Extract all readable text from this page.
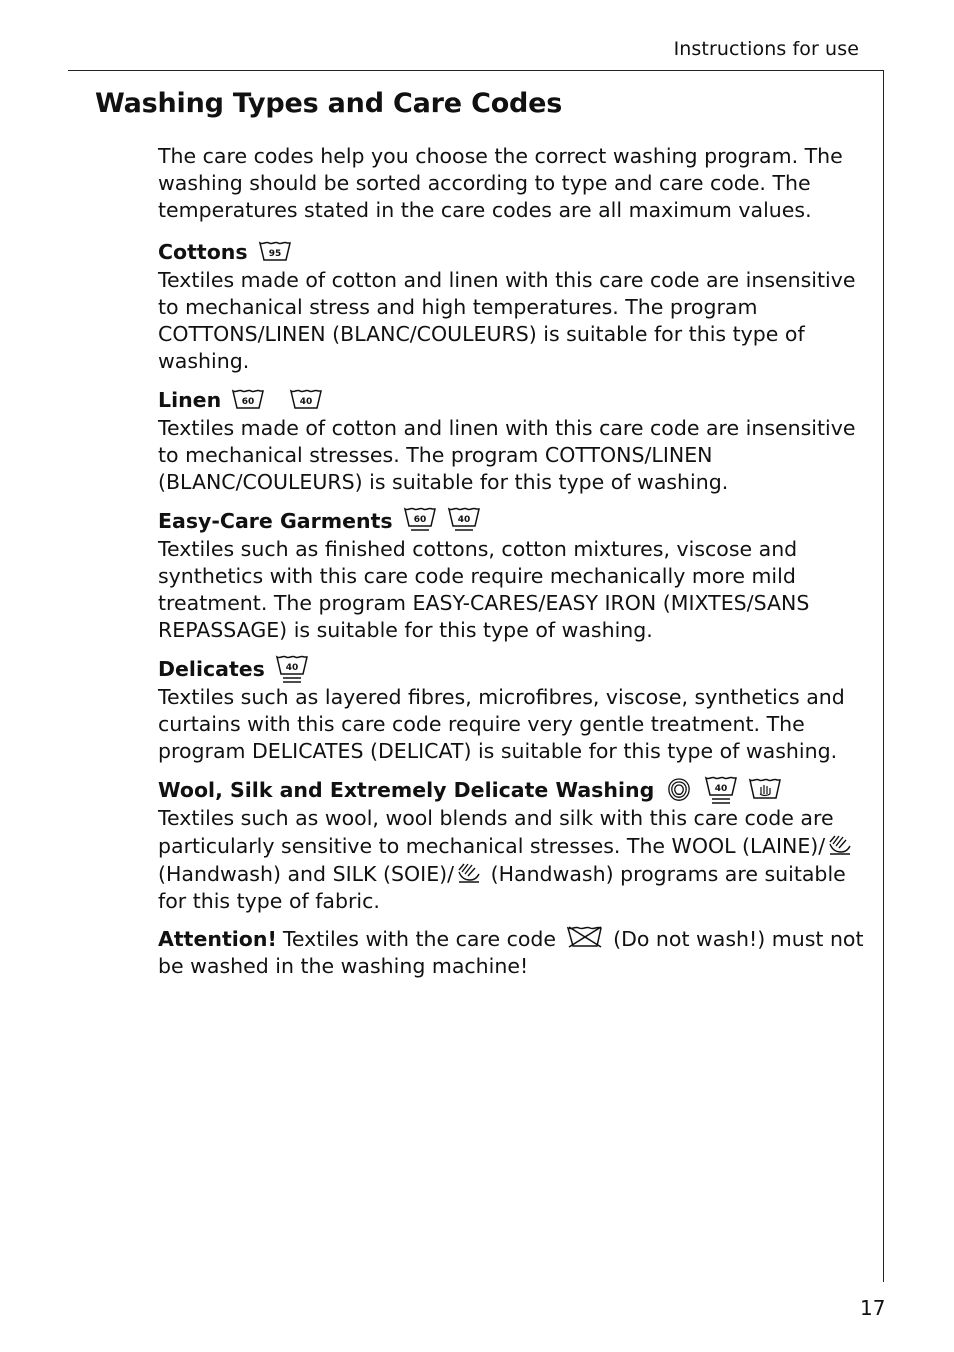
Instructions for use
Washing Types and Care Codes

The care codes help you choose the correct washing program. The washing should be sorted according to type and care code. The temperatures stated in the care codes are all maximum values.

Cottons 95

Textiles made of cotton and linen with this care code are insensitive to mechanical stress and high temperatures. The program COTTONS/LINEN (BLANC/COULEURS) is suitable for this type of washing.

Linen 60	40

Textiles made of cotton and linen with this care code are insensitive to mechanical stresses. The program COTTONS/LINEN (BLANC/COULEURS) is suitable for this type of washing.

Easy-Care Garments 60	40

Textiles such as finished cottons, cotton mixtures, viscose and synthetics with this care code require mechanically more mild treatment. The program EASY-CARES/EASY IRON (MIXTES/SANS REPASSAGE) is suitable for this type of washing.

Delicates 40

Textiles such as layered fibres, microfibres, viscose, synthetics and curtains with this care code require very gentle treatment. The program DELICATES (DELICAT) is suitable for this type of washing.

Wool, Silk and Extremely Delicate Washing	40

Textiles such as wool, wool blends and silk with this care code are particularly sensitive to mechanical stresses. The WOOL (LAINE)/
(Handwash) and SILK (SOIE)/
(Handwash) programs are suitable for this type of fabric.

Attention! Textiles with the care code
(Do not wash!) must not be washed in the washing machine!

17
